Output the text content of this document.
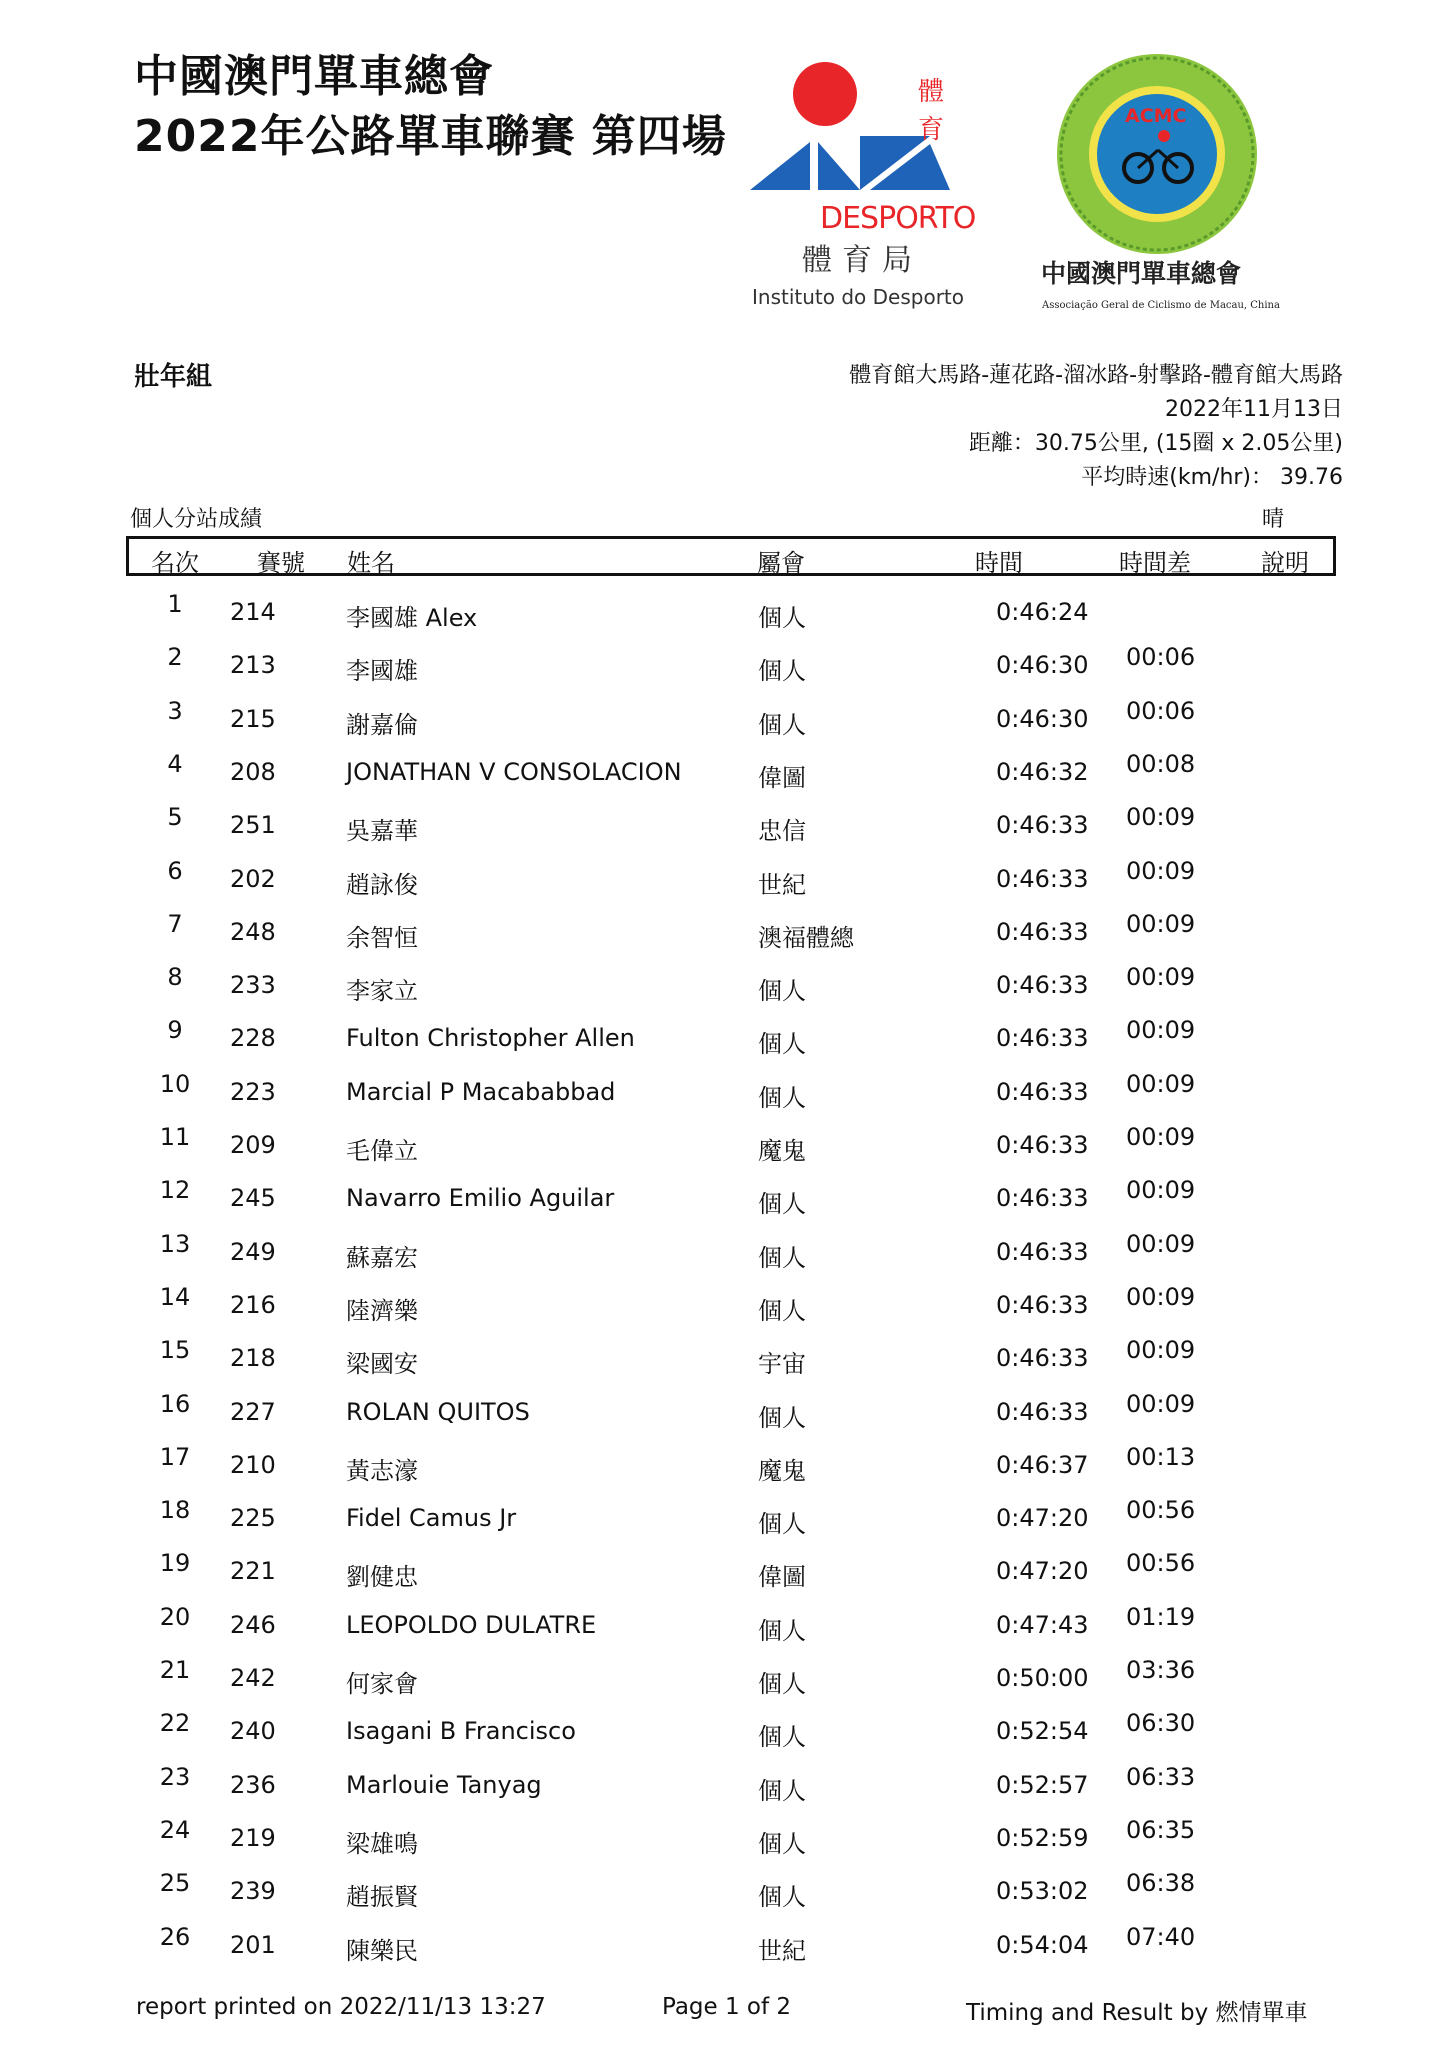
中國澳門單車總會
2022年公路單車聯賽 第四場
體
育
DESPORTO
體育局
Instituto do Desporto
ACMC
中國澳門單車總會
Associação Geral de Ciclismo de Macau, China
壯年組	體育館大馬路-蓮花路-溜冰路-射擊路-體育館大馬路
2022年11月13日
距離：30.75公里, (15圈 x 2.05公里)
平均時速(km/hr)： 39.76
個人分站成績	晴
名次 賽號 姓名	屬會	時間	時間差	說明
1	214	李國雄 Alex	個人	0:46:24
2	213	李國雄	個人	0:46:30 00:06
3	215	謝嘉倫	個人	0:46:30 00:06
4	208	JONATHAN V CONSOLACION	偉圖	0:46:32 00:08
5	251	吳嘉華	忠信	0:46:33 00:09
6	202	趙詠俊	世紀	0:46:33 00:09
7	248	余智恒	澳福體總	0:46:33 00:09
8	233	李家立	個人	0:46:33 00:09
9	228	Fulton Christopher Allen	個人	0:46:33 00:09
10	223	Marcial P Macababbad	個人	0:46:33 00:09
11	209	毛偉立	魔鬼	0:46:33 00:09
12	245	Navarro Emilio Aguilar	個人	0:46:33 00:09
13	249	蘇嘉宏	個人	0:46:33 00:09
14	216	陸濟樂	個人	0:46:33 00:09
15	218	梁國安	宇宙	0:46:33 00:09
16	227	ROLAN QUITOS	個人	0:46:33 00:09
17	210	黃志濠	魔鬼	0:46:37 00:13
18	225	Fidel Camus Jr	個人	0:47:20 00:56
19	221	劉健忠	偉圖	0:47:20 00:56
20	246	LEOPOLDO DULATRE	個人	0:47:43 01:19
21	242	何家會	個人	0:50:00 03:36
22	240	Isagani B Francisco	個人	0:52:54 06:30
23	236	Marlouie Tanyag	個人	0:52:57 06:33
24	219	梁雄鳴	個人	0:52:59 06:35
25	239	趙振賢	個人	0:53:02 06:38
26	201	陳樂民	世紀	0:54:04 07:40
report printed on 2022/11/13 13:27	Page 1 of 2	Timing and Result by 燃情單車
